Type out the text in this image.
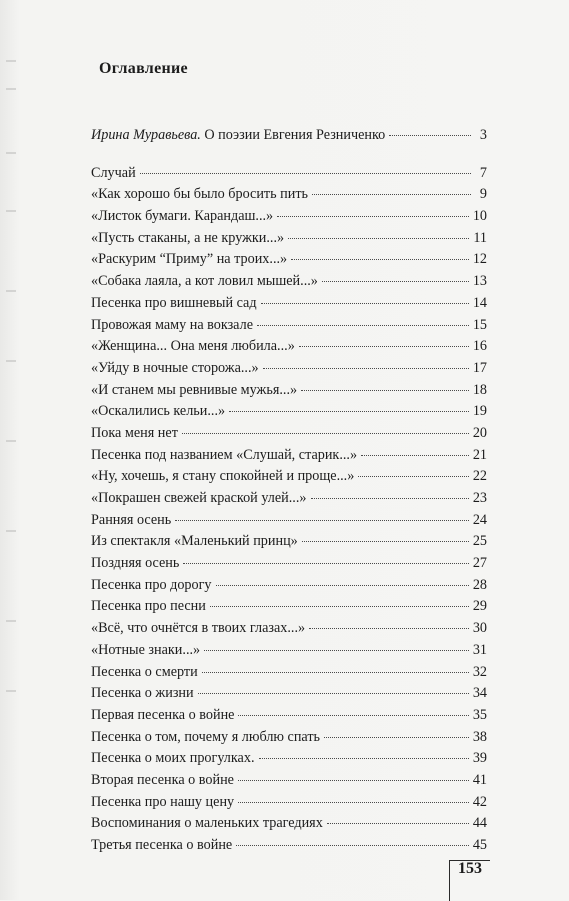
Оглавление
Ирина Муравьева. О поэзии Евгения Резниченко	3
Случай	7
«Как хорошо бы было бросить пить	9
«Листок бумаги. Карандаш...»	10
«Пусть стаканы, а не кружки...»	11
«Раскурим “Приму” на троих...»	12
«Собака лаяла, а кот ловил мышей...»	13
Песенка про вишневый сад	14
Провожая маму на вокзале	15
«Женщина... Она меня любила...»	16
«Уйду в ночные сторожа...»	17
«И станем мы ревнивые мужья...»	18
«Оскалились кельи...»	19
Пока меня нет	20
Песенка под названием «Слушай, старик...»	21
«Ну, хочешь, я стану спокойней и проще...»	22
«Покрашен свежей краской улей...»	23
Ранняя осень	24
Из спектакля «Маленький принц»	25
Поздняя осень	27
Песенка про дорогу	28
Песенка про песни	29
«Всё, что очнётся в твоих глазах...»	30
«Нотные знаки...»	31
Песенка о смерти	32
Песенка о жизни	34
Первая песенка о войне	35
Песенка о том, почему я люблю спать	38
Песенка о моих прогулках.	39
Вторая песенка о войне	41
Песенка про нашу цену	42
Воспоминания о маленьких трагедиях	44
Третья песенка о войне	45
153
